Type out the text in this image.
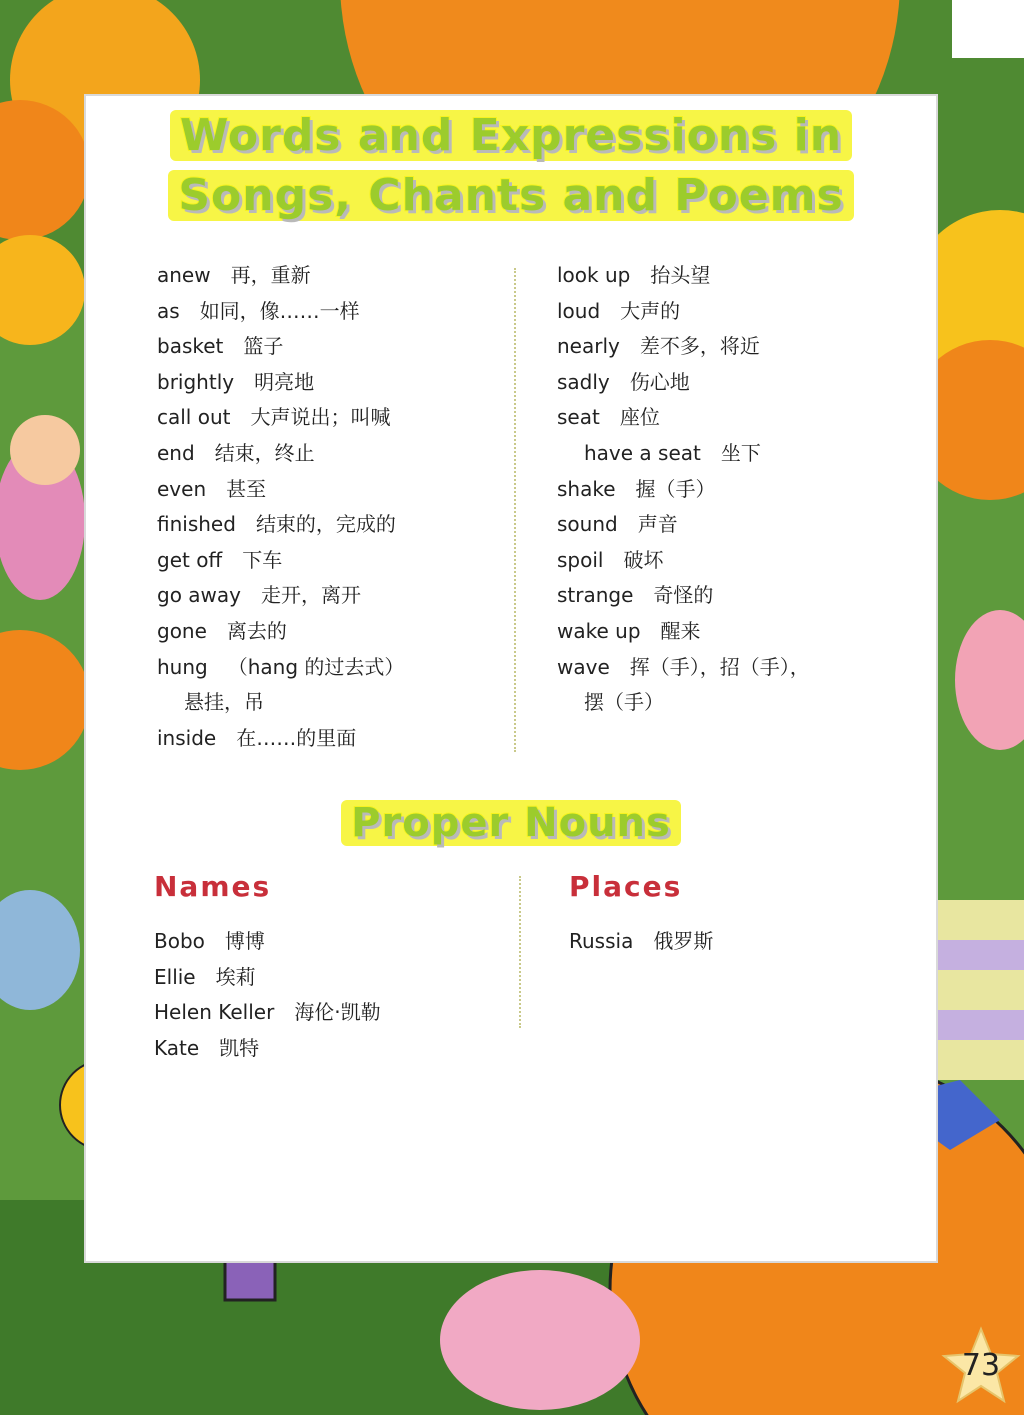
Words and Expressions in
Songs, Chants and Poems
anew 再，重新
as 如同，像……一样
basket 篮子
brightly 明亮地
call out 大声说出；叫喊
end 结束，终止
even 甚至
finished 结束的，完成的
get off 下车
go away 走开，离开
gone 离去的
hung （hang 的过去式）
悬挂，吊
inside 在……的里面
look up 抬头望
loud 大声的
nearly 差不多，将近
sadly 伤心地
seat 座位
have a seat 坐下
shake 握（手）
sound 声音
spoil 破坏
strange 奇怪的
wake up 醒来
wave 挥（手），招（手），
摆（手）
Proper Nouns
Names	Places
Bobo 博博
Ellie 埃莉
Helen Keller 海伦·凯勒
Kate 凯特
Russia 俄罗斯
73
